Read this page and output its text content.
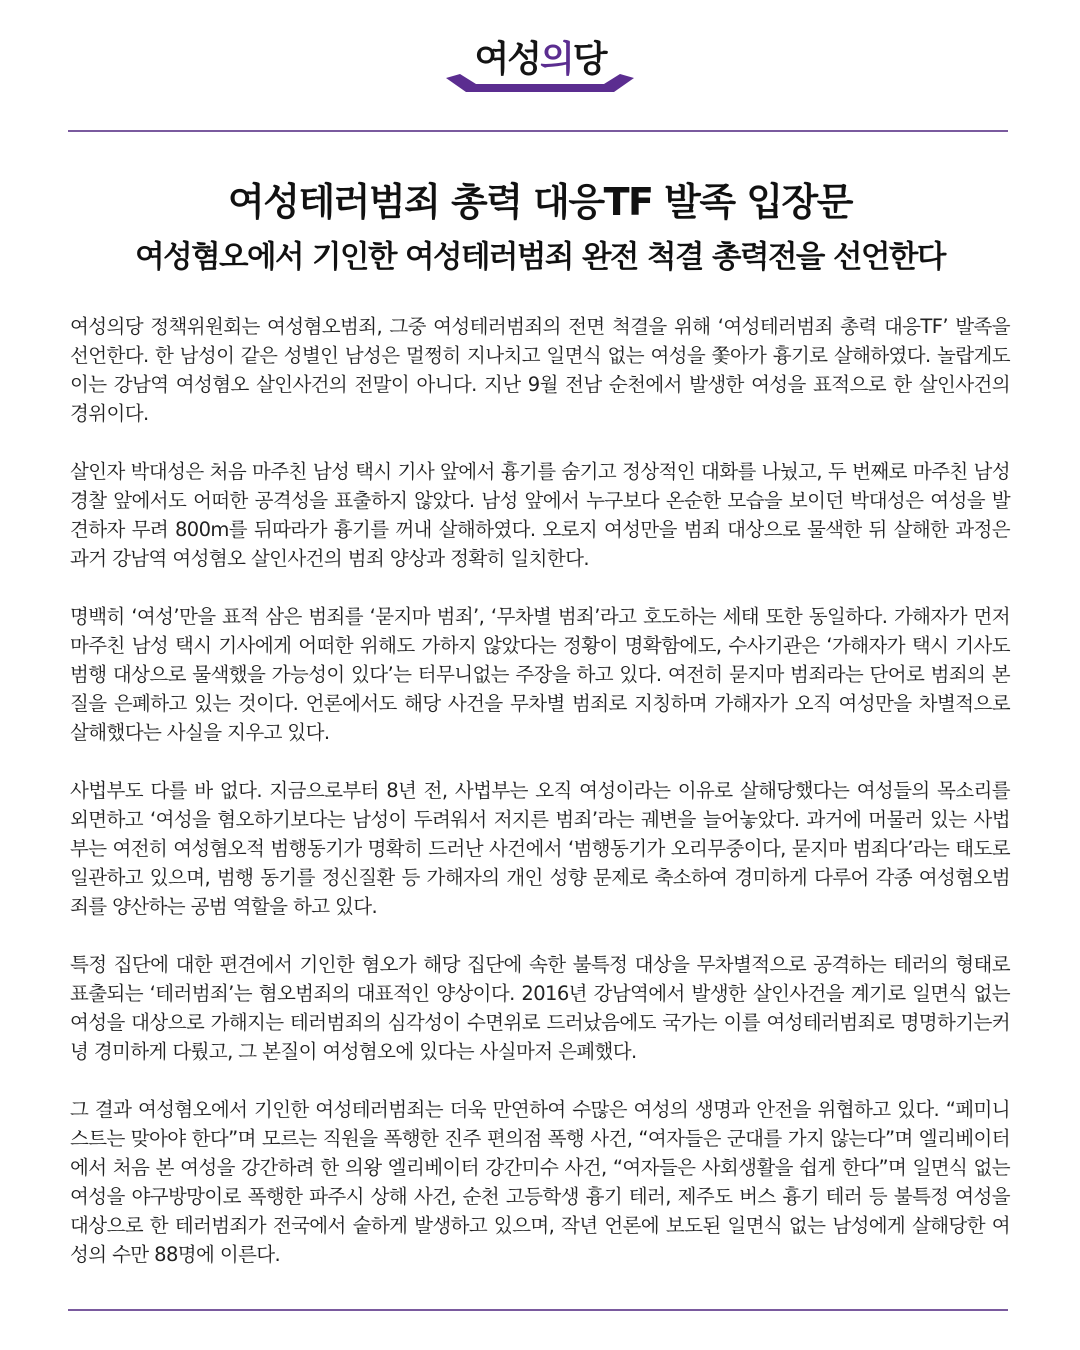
여성의당
여성테러범죄 총력 대응TF 발족 입장문
여성혐오에서 기인한 여성테러범죄 완전 척결 총력전을 선언한다

여성의당 정책위원회는 여성혐오범죄, 그중 여성테러범죄의 전면 척결을 위해 ‘여성테러범죄 총력 대응TF’ 발족을 선언한다. 한 남성이 같은 성별인 남성은 멀쩡히 지나치고 일면식 없는 여성을 쫓아가 흉기로 살해하였다. 놀랍게도 이는 강남역 여성혐오 살인사건의 전말이 아니다. 지난 9월 전남 순천에서 발생한 여성을 표적으로 한 살인사건의 경위이다.

살인자 박대성은 처음 마주친 남성 택시 기사 앞에서 흉기를 숨기고 정상적인 대화를 나눴고, 두 번째로 마주친 남성 경찰 앞에서도 어떠한 공격성을 표출하지 않았다. 남성 앞에서 누구보다 온순한 모습을 보이던 박대성은 여성을 발견하자 무려 800m를 뒤따라가 흉기를 꺼내 살해하였다. 오로지 여성만을 범죄 대상으로 물색한 뒤 살해한 과정은 과거 강남역 여성혐오 살인사건의 범죄 양상과 정확히 일치한다.

명백히 ‘여성’만을 표적 삼은 범죄를 ‘묻지마 범죄’, ‘무차별 범죄’라고 호도하는 세태 또한 동일하다. 가해자가 먼저 마주친 남성 택시 기사에게 어떠한 위해도 가하지 않았다는 정황이 명확함에도, 수사기관은 ‘가해자가 택시 기사도 범행 대상으로 물색했을 가능성이 있다’는 터무니없는 주장을 하고 있다. 여전히 묻지마 범죄라는 단어로 범죄의 본질을 은폐하고 있는 것이다. 언론에서도 해당 사건을 무차별 범죄로 지칭하며 가해자가 오직 여성만을 차별적으로 살해했다는 사실을 지우고 있다.

사법부도 다를 바 없다. 지금으로부터 8년 전, 사법부는 오직 여성이라는 이유로 살해당했다는 여성들의 목소리를 외면하고 ‘여성을 혐오하기보다는 남성이 두려워서 저지른 범죄’라는 궤변을 늘어놓았다. 과거에 머물러 있는 사법부는 여전히 여성혐오적 범행동기가 명확히 드러난 사건에서 ‘범행동기가 오리무중이다, 묻지마 범죄다’라는 태도로 일관하고 있으며, 범행 동기를 정신질환 등 가해자의 개인 성향 문제로 축소하여 경미하게 다루어 각종 여성혐오범죄를 양산하는 공범 역할을 하고 있다.

특정 집단에 대한 편견에서 기인한 혐오가 해당 집단에 속한 불특정 대상을 무차별적으로 공격하는 테러의 형태로 표출되는 ‘테러범죄’는 혐오범죄의 대표적인 양상이다. 2016년 강남역에서 발생한 살인사건을 계기로 일면식 없는 여성을 대상으로 가해지는 테러범죄의 심각성이 수면위로 드러났음에도 국가는 이를 여성테러범죄로 명명하기는커녕 경미하게 다뤘고, 그 본질이 여성혐오에 있다는 사실마저 은폐했다.

그 결과 여성혐오에서 기인한 여성테러범죄는 더욱 만연하여 수많은 여성의 생명과 안전을 위협하고 있다. “페미니스트는 맞아야 한다”며 모르는 직원을 폭행한 진주 편의점 폭행 사건, “여자들은 군대를 가지 않는다”며 엘리베이터에서 처음 본 여성을 강간하려 한 의왕 엘리베이터 강간미수 사건, “여자들은 사회생활을 쉽게 한다”며 일면식 없는 여성을 야구방망이로 폭행한 파주시 상해 사건, 순천 고등학생 흉기 테러, 제주도 버스 흉기 테러 등 불특정 여성을 대상으로 한 테러범죄가 전국에서 숱하게 발생하고 있으며, 작년 언론에 보도된 일면식 없는 남성에게 살해당한 여성의 수만 88명에 이른다.
